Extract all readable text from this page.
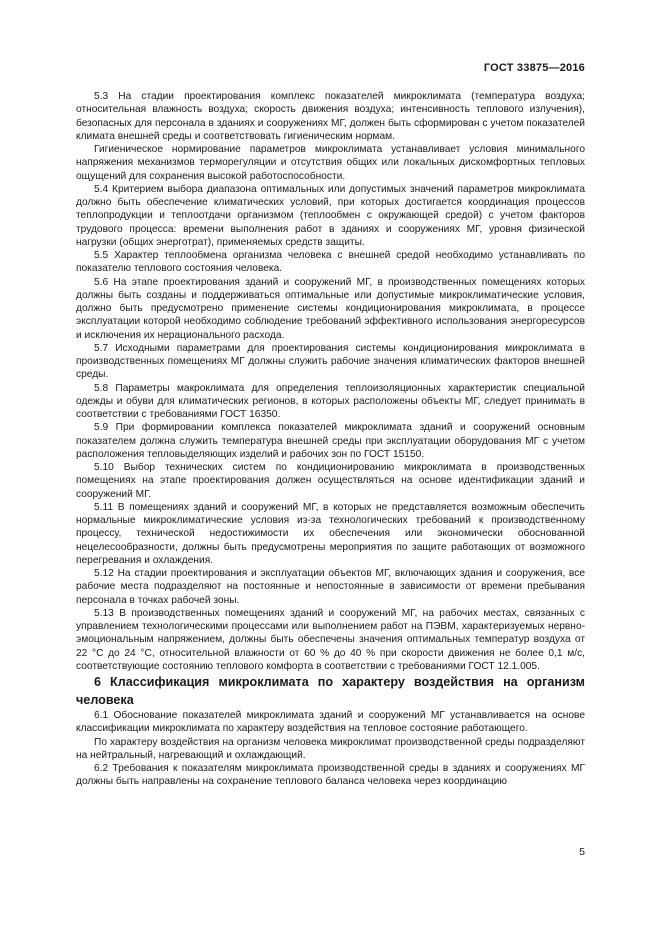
ГОСТ 33875—2016

5.3 На стадии проектирования комплекс показателей микроклимата (температура воздуха; относительная влажность воздуха; скорость движения воздуха; интенсивность теплового излучения), безопасных для персонала в зданиях и сооружениях МГ, должен быть сформирован с учетом показателей климата внешней среды и соответствовать гигиеническим нормам.

Гигиеническое нормирование параметров микроклимата устанавливает условия минимального напряжения механизмов терморегуляции и отсутствия общих или локальных дискомфортных тепловых ощущений для сохранения высокой работоспособности.

5.4 Критерием выбора диапазона оптимальных или допустимых значений параметров микроклимата должно быть обеспечение климатических условий, при которых достигается координация процессов теплопродукции и теплоотдачи организмом (теплообмен с окружающей средой) с учетом факторов трудового процесса: времени выполнения работ в зданиях и сооружениях МГ, уровня физической нагрузки (общих энерготрат), применяемых средств защиты.

5.5 Характер теплообмена организма человека с внешней средой необходимо устанавливать по показателю теплового состояния человека.

5.6 На этапе проектирования зданий и сооружений МГ, в производственных помещениях которых должны быть созданы и поддерживаться оптимальные или допустимые микроклиматические условия, должно быть предусмотрено применение системы кондиционирования микроклимата, в процессе эксплуатации которой необходимо соблюдение требований эффективного использования энергоресурсов и исключения их нерационального расхода.

5.7 Исходными параметрами для проектирования системы кондиционирования микроклимата в производственных помещениях МГ должны служить рабочие значения климатических факторов внешней среды.

5.8 Параметры макроклимата для определения теплоизоляционных характеристик специальной одежды и обуви для климатических регионов, в которых расположены объекты МГ, следует принимать в соответствии с требованиями ГОСТ 16350.

5.9 При формировании комплекса показателей микроклимата зданий и сооружений основным показателем должна служить температура внешней среды при эксплуатации оборудования МГ с учетом расположения тепловыделяющих изделий и рабочих зон по ГОСТ 15150.

5.10 Выбор технических систем по кондиционированию микроклимата в производственных помещениях на этапе проектирования должен осуществляться на основе идентификации зданий и сооружений МГ.

5.11 В помещениях зданий и сооружений МГ, в которых не представляется возможным обеспечить нормальные микроклиматические условия из-за технологических требований к производственному процессу, технической недостижимости их обеспечения или экономически обоснованной нецелесообразности, должны быть предусмотрены мероприятия по защите работающих от возможного перегревания и охлаждения.

5.12 На стадии проектирования и эксплуатации объектов МГ, включающих здания и сооружения, все рабочие места подразделяют на постоянные и непостоянные в зависимости от времени пребывания персонала в точках рабочей зоны.

5.13 В производственных помещениях зданий и сооружений МГ, на рабочих местах, связанных с управлением технологическими процессами или выполнением работ на ПЭВМ, характеризуемых нервно-эмоциональным напряжением, должны быть обеспечены значения оптимальных температур воздуха от 22 °С до 24 °С, относительной влажности от 60 % до 40 % при скорости движения не более 0,1 м/с, соответствующие состоянию теплового комфорта в соответствии с требованиями ГОСТ 12.1.005.

6 Классификация микроклимата по характеру воздействия на организм человека

6.1 Обоснование показателей микроклимата зданий и сооружений МГ устанавливается на основе классификации микроклимата по характеру воздействия на тепловое состояние работающего.

По характеру воздействия на организм человека микроклимат производственной среды подразделяют на нейтральный, нагревающий и охлаждающий.

6.2 Требования к показателям микроклимата производственной среды в зданиях и сооружениях МГ должны быть направлены на сохранение теплового баланса человека через координацию

5
